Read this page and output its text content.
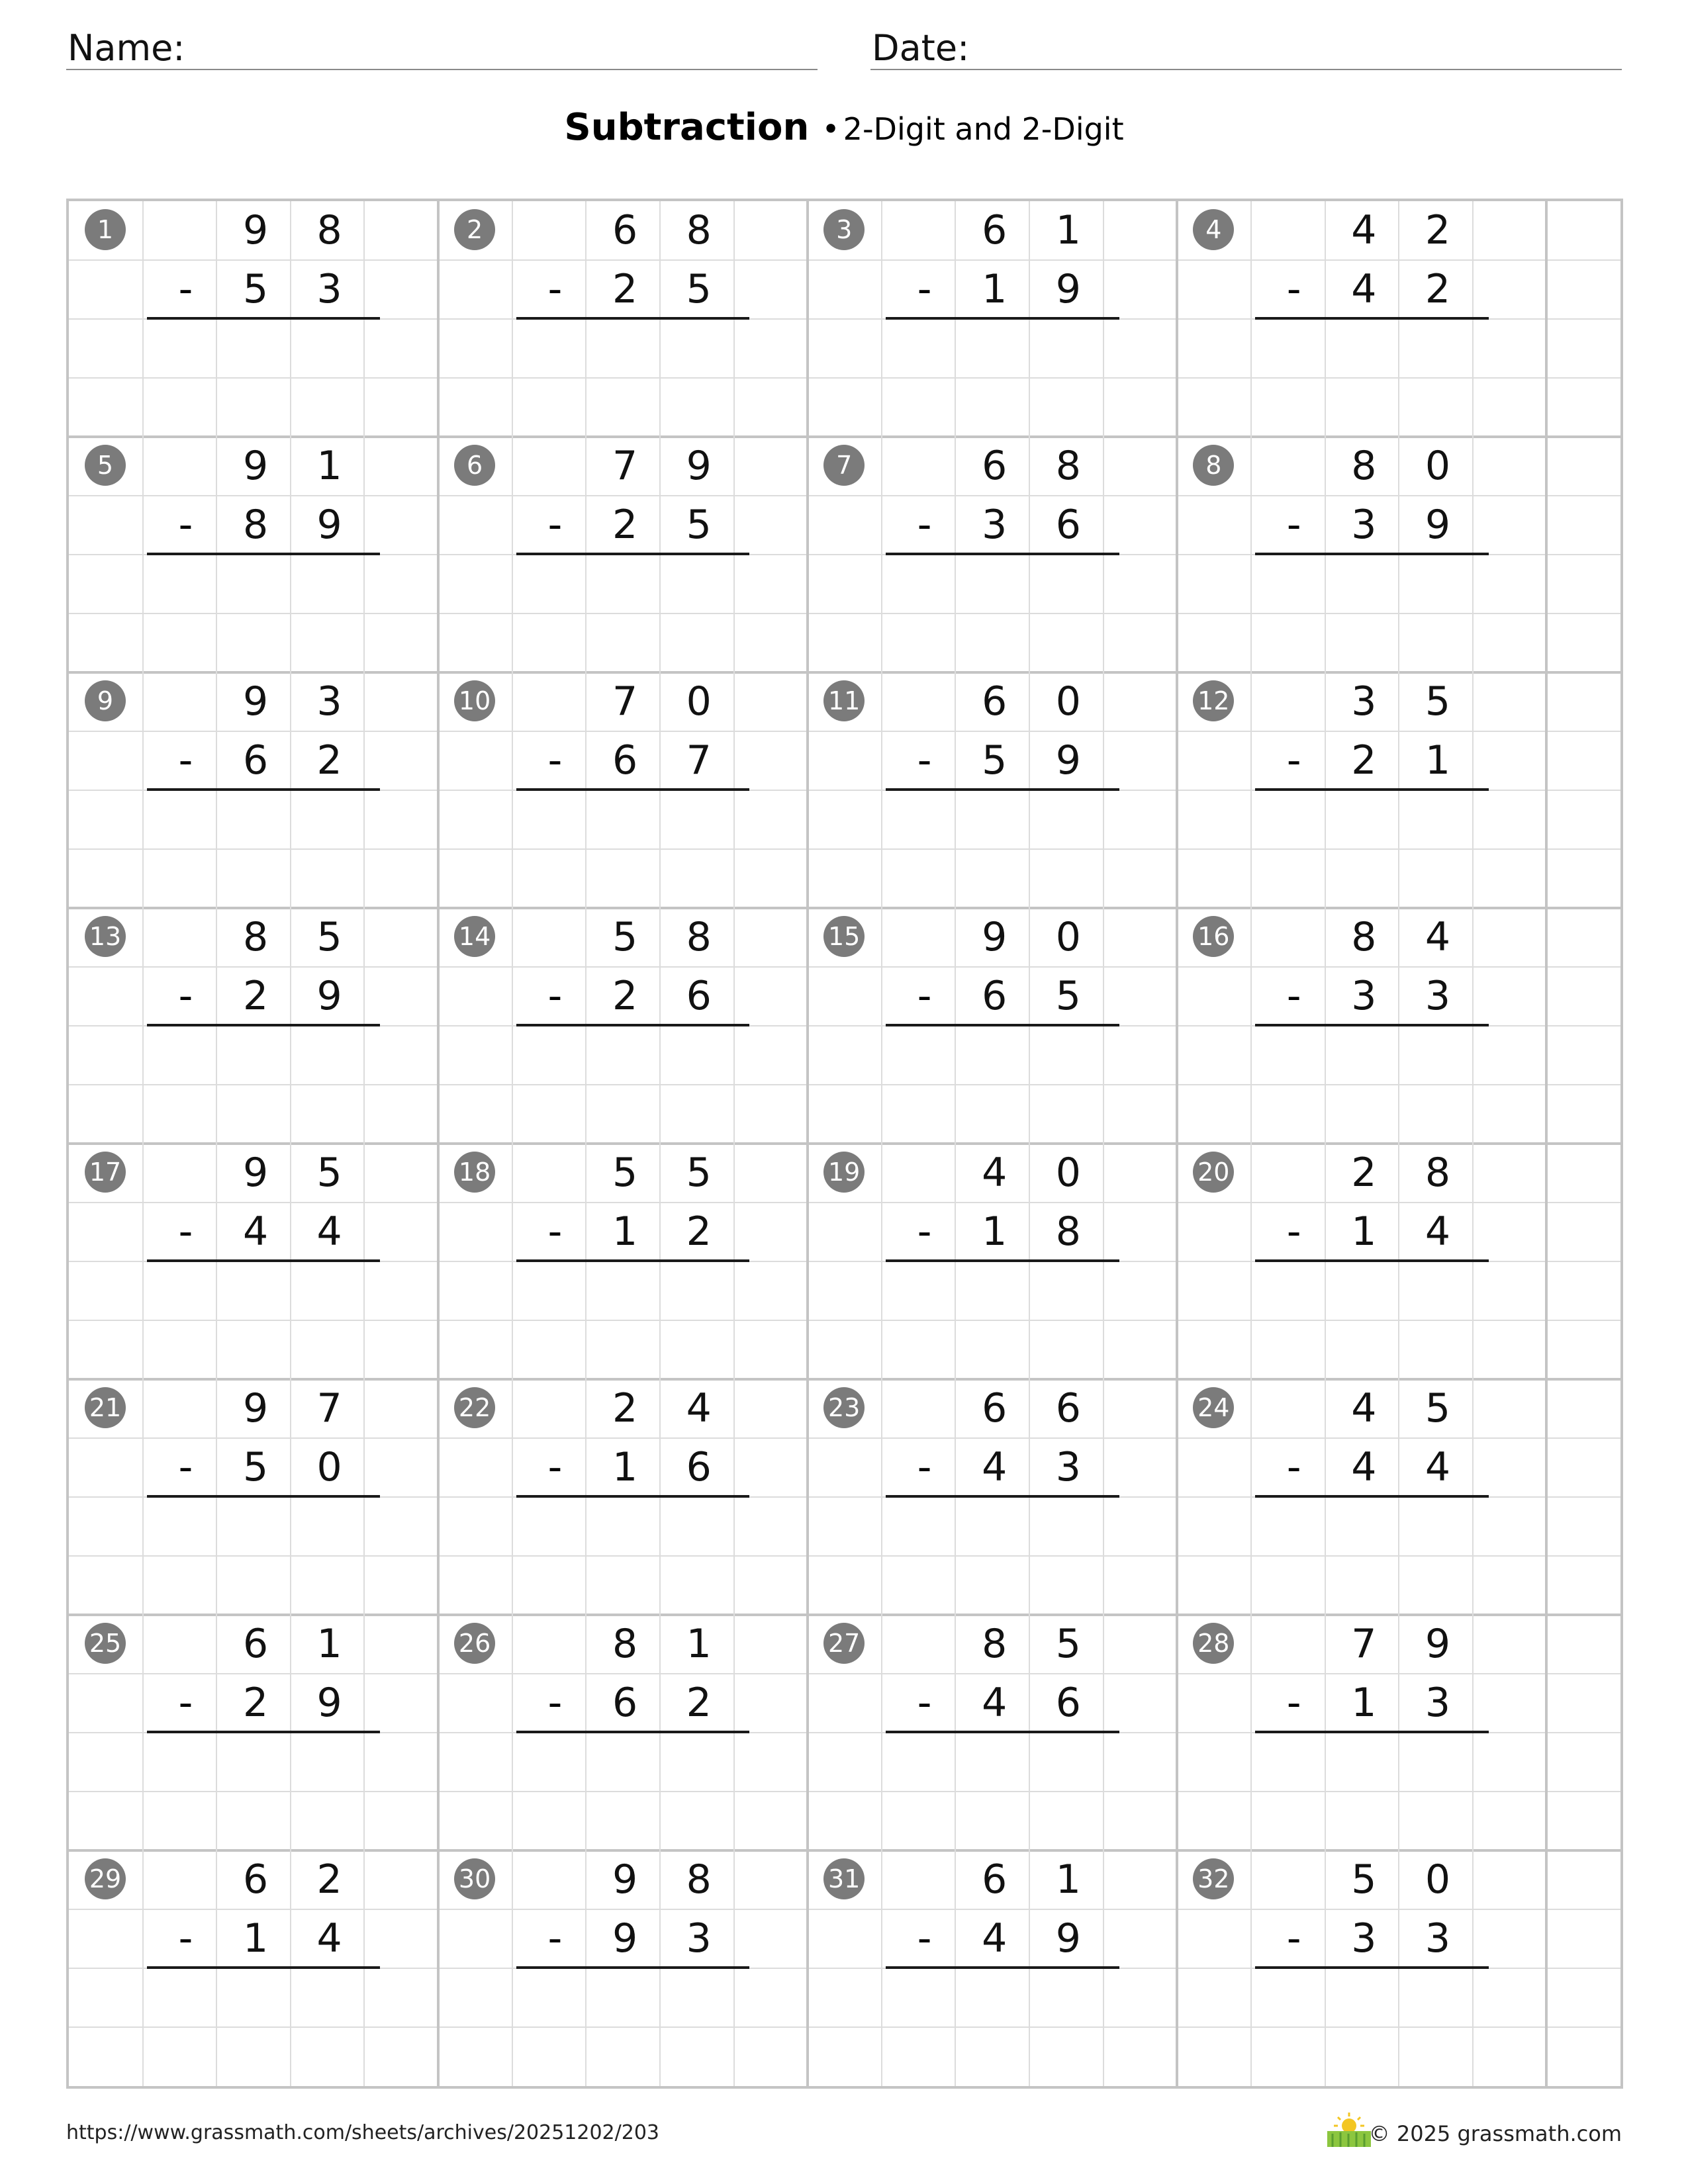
Name:	Date:
Subtraction • 2-Digit and 2-Digit
1	9	8
-	5	3
2	6	8
-	2	5
3	6	1
-	1	9
4	4	2
-	4	2
5	9	1
-	8	9
6	7	9
-	2	5
7	6	8
-	3	6
8	8	0
-	3	9
9	9	3
-	6	2
10	7	0
-	6	7
11	6	0
-	5	9
12	3	5
-	2	1
13	8	5
-	2	9
14	5	8
-	2	6
15	9	0
-	6	5
16	8	4
-	3	3
17	9	5
-	4	4
18	5	5
-	1	2
19	4	0
-	1	8
20	2	8
-	1	4
21	9	7
-	5	0
22	2	4
-	1	6
23	6	6
-	4	3
24	4	5
-	4	4
25	6	1
-	2	9
26	8	1
-	6	2
27	8	5
-	4	6
28	7	9
-	1	3
29	6	2
-	1	4
30	9	8
-	9	3
31	6	1
-	4	9
32	5	0
-	3	3
https://www.grassmath.com/sheets/archives/20251202/203	© 2025 grassmath.com
